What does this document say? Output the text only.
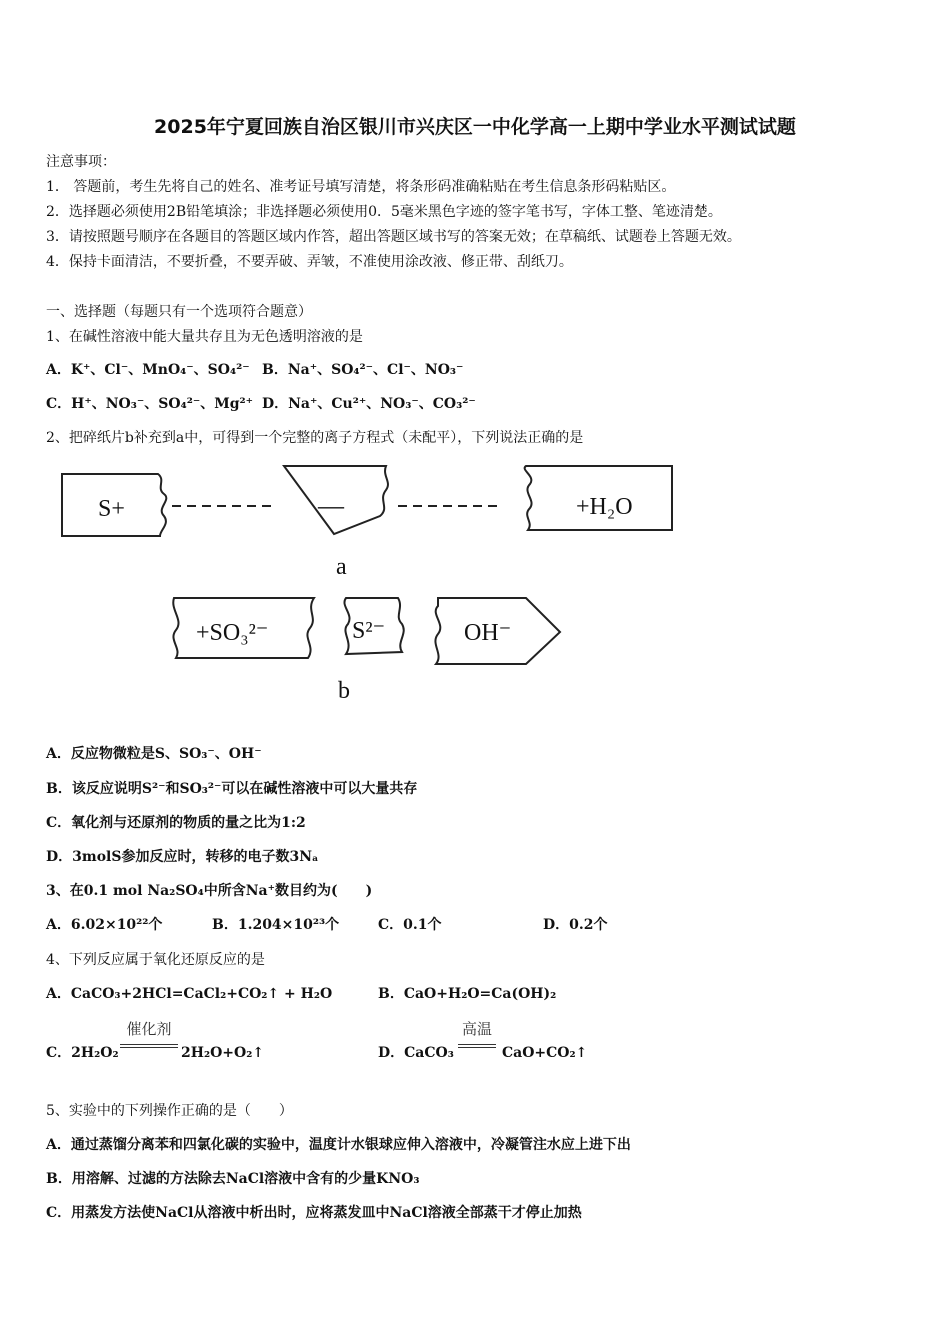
2025年宁夏回族自治区银川市兴庆区一中化学高一上期中学业水平测试试题
注意事项：
1． 答题前，考生先将自己的姓名、准考证号填写清楚，将条形码准确粘贴在考生信息条形码粘贴区。
2．选择题必须使用2B铅笔填涂；非选择题必须使用0．5毫米黑色字迹的签字笔书写，字体工整、笔迹清楚。
3．请按照题号顺序在各题目的答题区域内作答，超出答题区域书写的答案无效；在草稿纸、试题卷上答题无效。
4．保持卡面清洁，不要折叠，不要弄破、弄皱，不准使用涂改液、修正带、刮纸刀。
一、选择题（每题只有一个选项符合题意）
1、在碱性溶液中能大量共存且为无色透明溶液的是
A．K⁺、Cl⁻、MnO₄⁻、SO₄²⁻ B．Na⁺、SO₄²⁻、Cl⁻、NO₃⁻
C．H⁺、NO₃⁻、SO₄²⁻、Mg²⁺ D．Na⁺、Cu²⁺、NO₃⁻、CO₃²⁻
2、把碎纸片b补充到a中，可得到一个完整的离子方程式（未配平），下列说法正确的是
S+	—	+H₂O
a
+SO₃²⁻	S²⁻	OH⁻
b
A．反应物微粒是S、SO₃⁻、OH⁻
B．该反应说明S²⁻和SO₃²⁻可以在碱性溶液中可以大量共存
C．氧化剂与还原剂的物质的量之比为1:2
D．3molS参加反应时，转移的电子数3Nₐ
3、在0.1 mol Na₂SO₄中所含Na⁺数目约为(　　)
A．6.02×10²²个	B．1.204×10²³个	C．0.1个	D．0.2个
4、下列反应属于氧化还原反应的是
A．CaCO₃+2HCl=CaCl₂+CO₂↑ + H₂O	B．CaO+H₂O=Ca(OH)₂
C．2H₂O₂
催化剂
2H₂O+O₂↑	D．CaCO₃
高温
CaO+CO₂↑
5、实验中的下列操作正确的是（　　）
A．通过蒸馏分离苯和四氯化碳的实验中，温度计水银球应伸入溶液中，冷凝管注水应上进下出
B．用溶解、过滤的方法除去NaCl溶液中含有的少量KNO₃
C．用蒸发方法使NaCl从溶液中析出时，应将蒸发皿中NaCl溶液全部蒸干才停止加热
